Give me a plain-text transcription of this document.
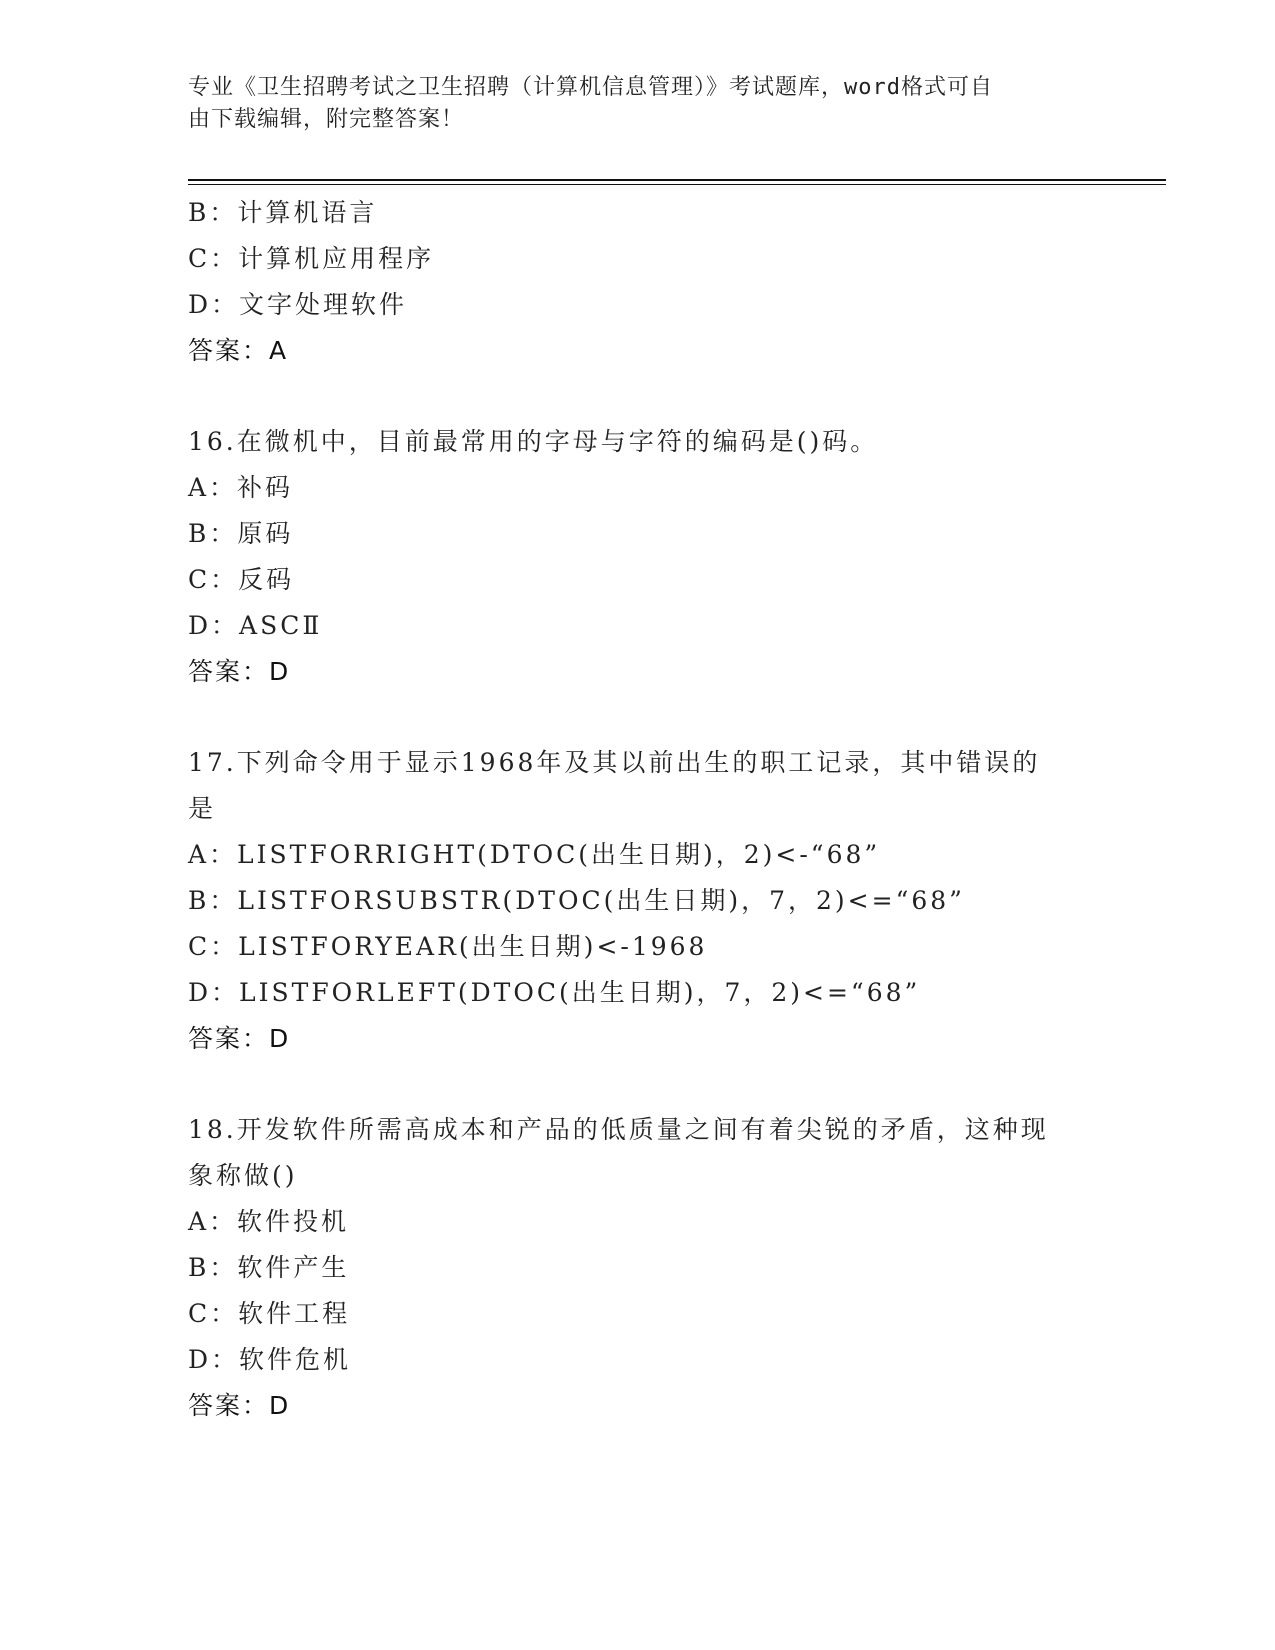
专业《卫生招聘考试之卫生招聘（计算机信息管理）》考试题库，word格式可自
由下载编辑，附完整答案！
B：计算机语言
C：计算机应用程序
D：文字处理软件
答案：A
16.在微机中，目前最常用的字母与字符的编码是()码。
A：补码
B：原码
C：反码
D：ASCⅡ
答案：D
17.下列命令用于显示1968年及其以前出生的职工记录，其中错误的
是
A：LISTFORRIGHT(DTOC(出生日期)，2)<-“68”
B：LISTFORSUBSTR(DTOC(出生日期)，7，2)<=“68”
C：LISTFORYEAR(出生日期)<-1968
D：LISTFORLEFT(DTOC(出生日期)，7，2)<=“68”
答案：D
18.开发软件所需高成本和产品的低质量之间有着尖锐的矛盾，这种现
象称做()
A：软件投机
B：软件产生
C：软件工程
D：软件危机
答案：D
